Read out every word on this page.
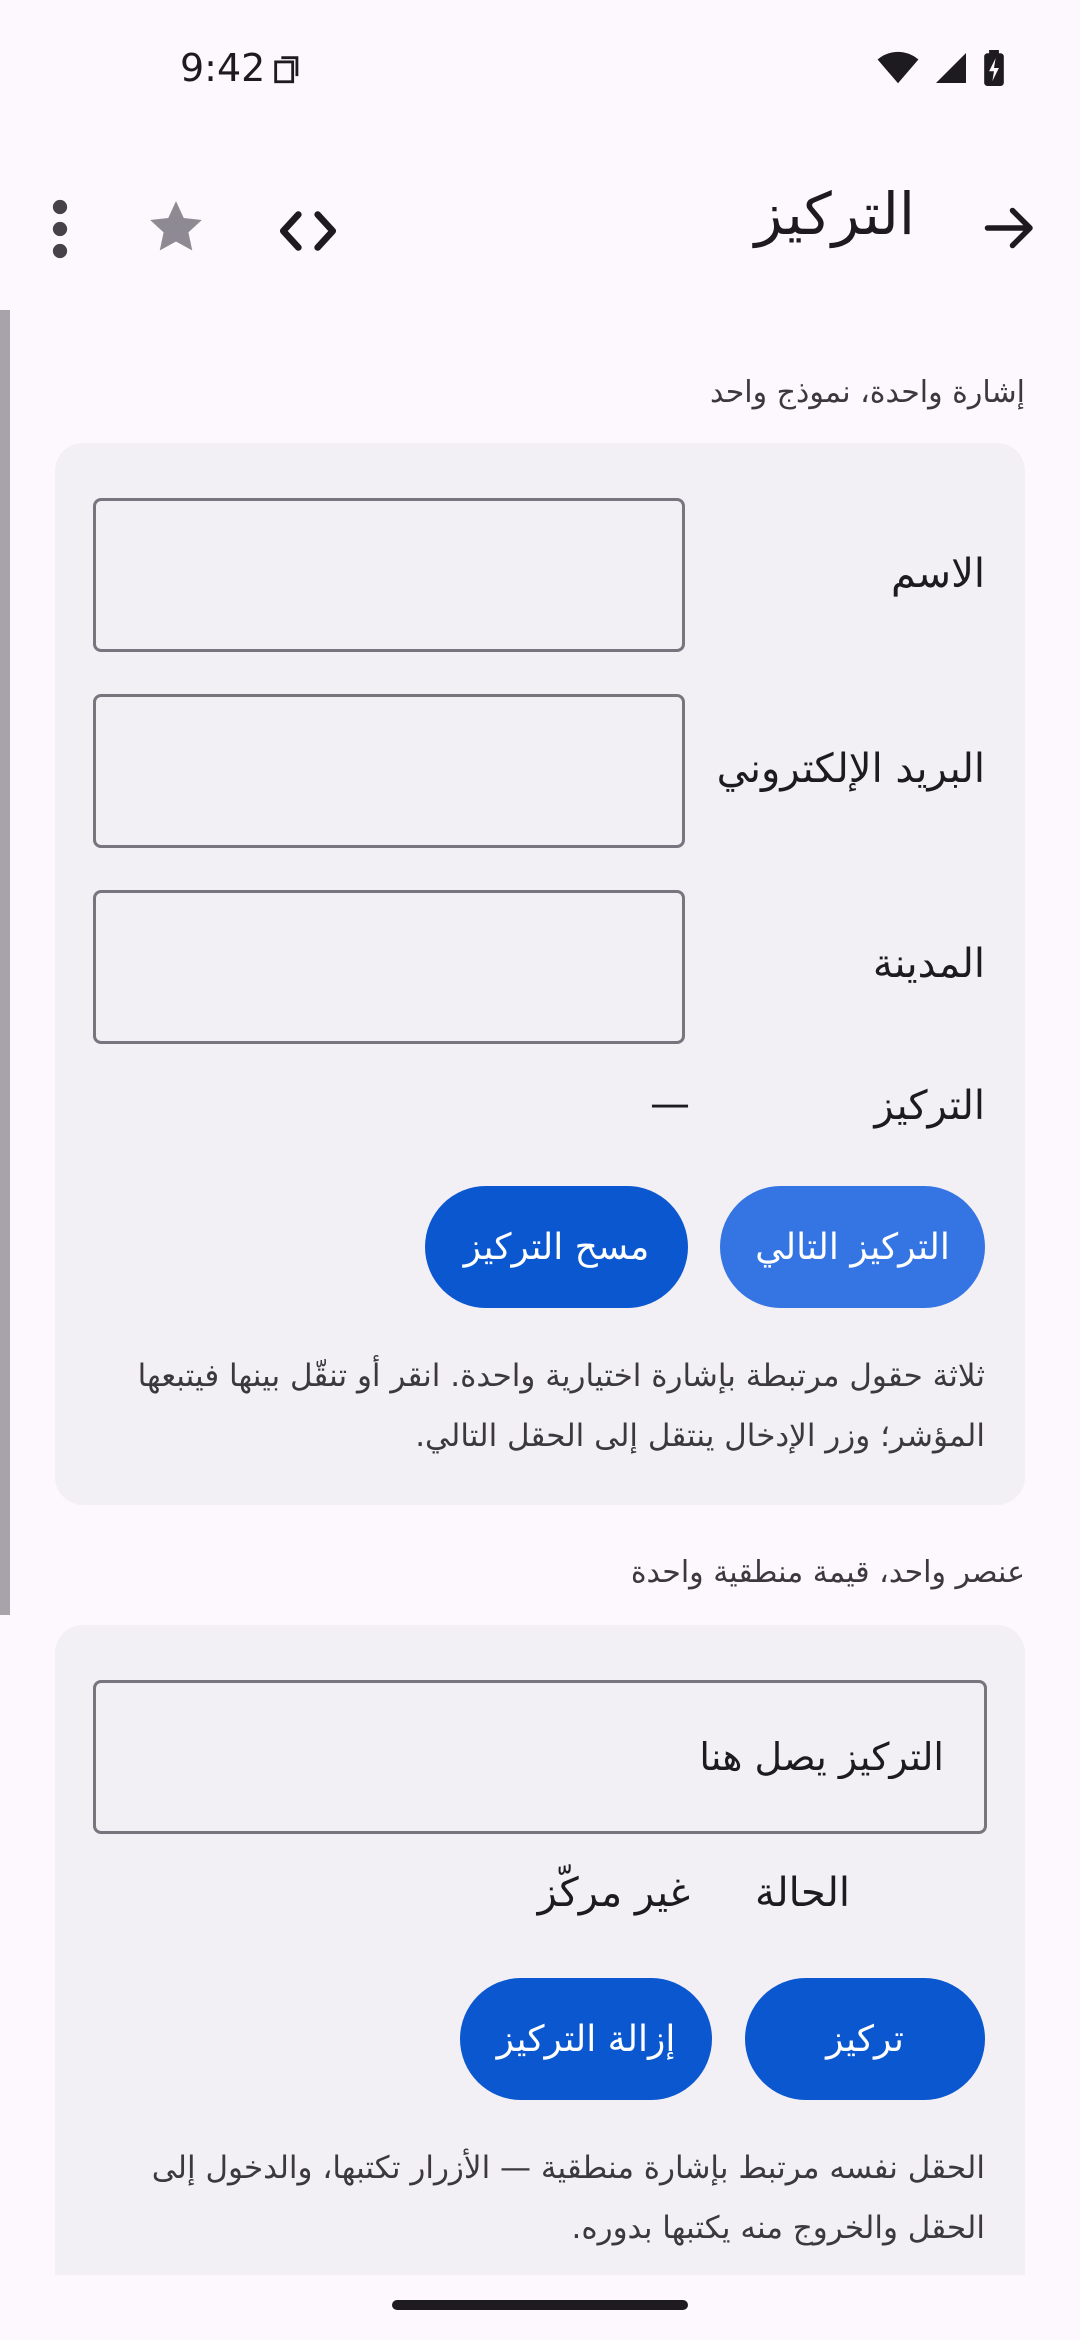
9:42
التركيز
إشارة واحدة، نموذج واحد
الاسم
البريد الإلكتروني
المدينة
التركيز
—
التركيز التالي
مسح التركيز
ثلاثة حقول مرتبطة بإشارة اختيارية واحدة. انقر أو تنقّل بينها فيتبعها المؤشر؛ وزر الإدخال ينتقل إلى الحقل التالي.
عنصر واحد، قيمة منطقية واحدة
التركيز يصل هنا
الحالة
غير مركّز
تركيز
إزالة التركيز
الحقل نفسه مرتبط بإشارة منطقية — الأزرار تكتبها، والدخول إلى الحقل والخروج منه يكتبها بدوره.
